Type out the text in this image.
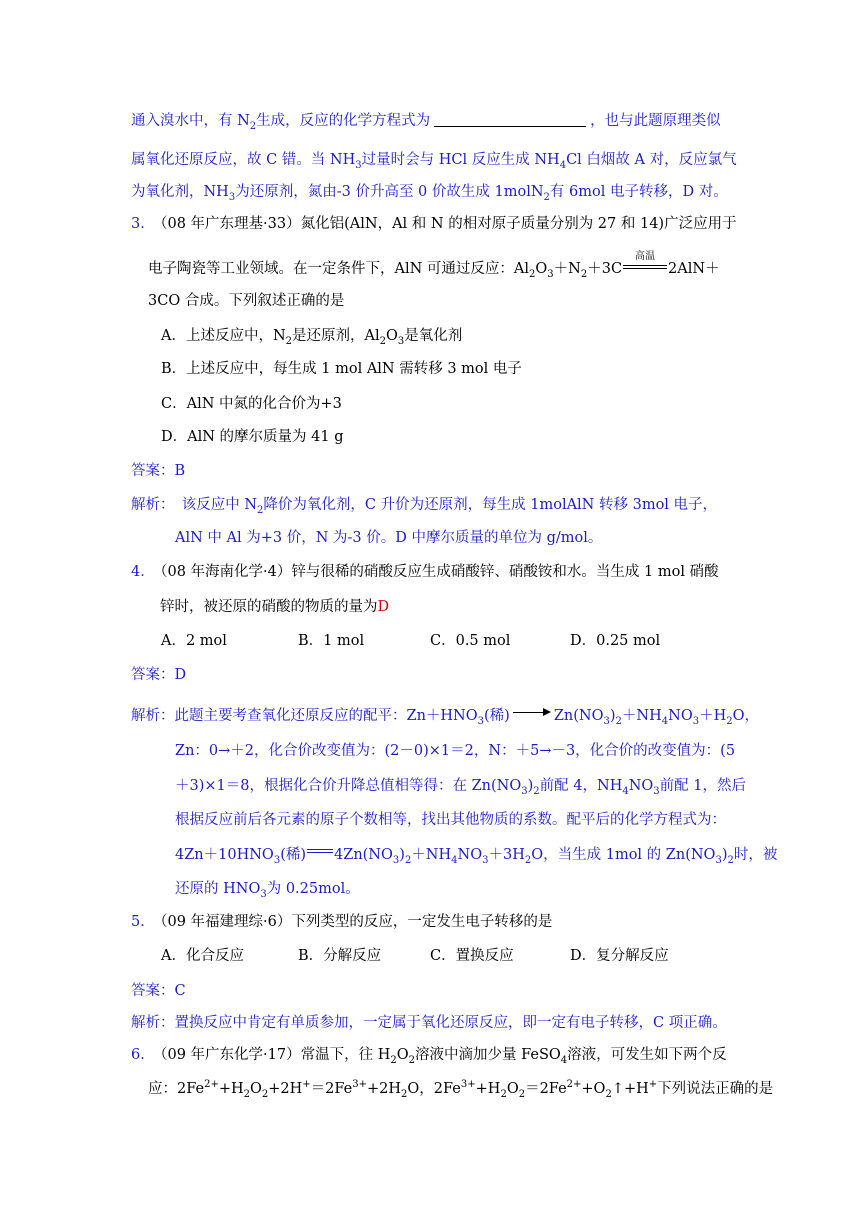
通入溴水中，有 $N_2$生成，反应的化学方程式为	，也与此题原理类似
属氧化还原反应，故 C 错。当 $NH_3$过量时会与 HCl 反应生成 $NH_4Cl$ 白烟故 A 对，反应氯气
为氧化剂，$NH_3$为还原剂，氮由-3 价升高至 0 价故生成 1molN$_2$有 6mol 电子转移，D 对。
3．
（08 年广东理基·33）氮化铝(AlN，Al 和 N 的相对原子质量分别为 27 和 14)广泛应用于
电子陶瓷等工业领域。在一定条件下，AlN 可通过反应：$Al_2O_3+N_2+3C$
高温
2AlN＋
3CO 合成。下列叙述正确的是
A．上述反应中，$N_2$是还原剂，$Al_2O_3$是氧化剂
B．上述反应中，每生成 1 mol AlN 需转移 3 mol 电子
C．AlN 中氮的化合价为+3
D．AlN 的摩尔质量为 41 g
答案：B
解析：　该反应中 $N_2$降价为氧化剂，C 升价为还原剂，每生成 1molAlN 转移 3mol 电子，
AlN 中 Al 为+3 价，N 为-3 价。D 中摩尔质量的单位为 g/mol。
4．
（08 年海南化学·4）锌与很稀的硝酸反应生成硝酸锌、硝酸铵和水。当生成 1 mol 硝酸
锌时，被还原的硝酸的物质的量为D
A．2 mol	B．1 mol	C．0.5 mol	D．0.25 mol
答案：D
解析：此题主要考查氧化还原反应的配平：$Zn+HNO_3$(稀)	$Zn(NO_3)_2+NH_4NO_3+H_2O$，
Zn：0→＋2，化合价改变值为：(2－0)×1＝2，N：＋5→－3，化合价的改变值为：(5
＋3)×1＝8，根据化合价升降总值相等得：在 $Zn(NO_3)_2$前配 4，$NH_4NO_3$前配 1，然后
根据反应前后各元素的原子个数相等，找出其他物质的系数。配平后的化学方程式为：
$4Zn+10HNO_3$(稀) $4Zn(NO_3)_2+NH_4NO_3+3H_2O$，当生成 1mol 的 $Zn(NO_3)_2$时，被
还原的 $HNO_3$为 0.25mol。
5．
（09 年福建理综·6）下列类型的反应，一定发生电子转移的是
A．化合反应	B．分解反应	C．置换反应	D．复分解反应
答案：C
解析：置换反应中肯定有单质参加，一定属于氧化还原反应，即一定有电子转移，C 项正确。
6．
（09 年广东化学·17）常温下，往 $H_2O_2$溶液中滴加少量 FeSO$_4$溶液，可发生如下两个反
应：$2Fe^{2+}+H_2O_2+2H^+=2Fe^{3+}+2H_2O$，$2Fe^{3+}+H_2O_2=2Fe^{2+}+O_2↑+H^+$下列说法正确的是
